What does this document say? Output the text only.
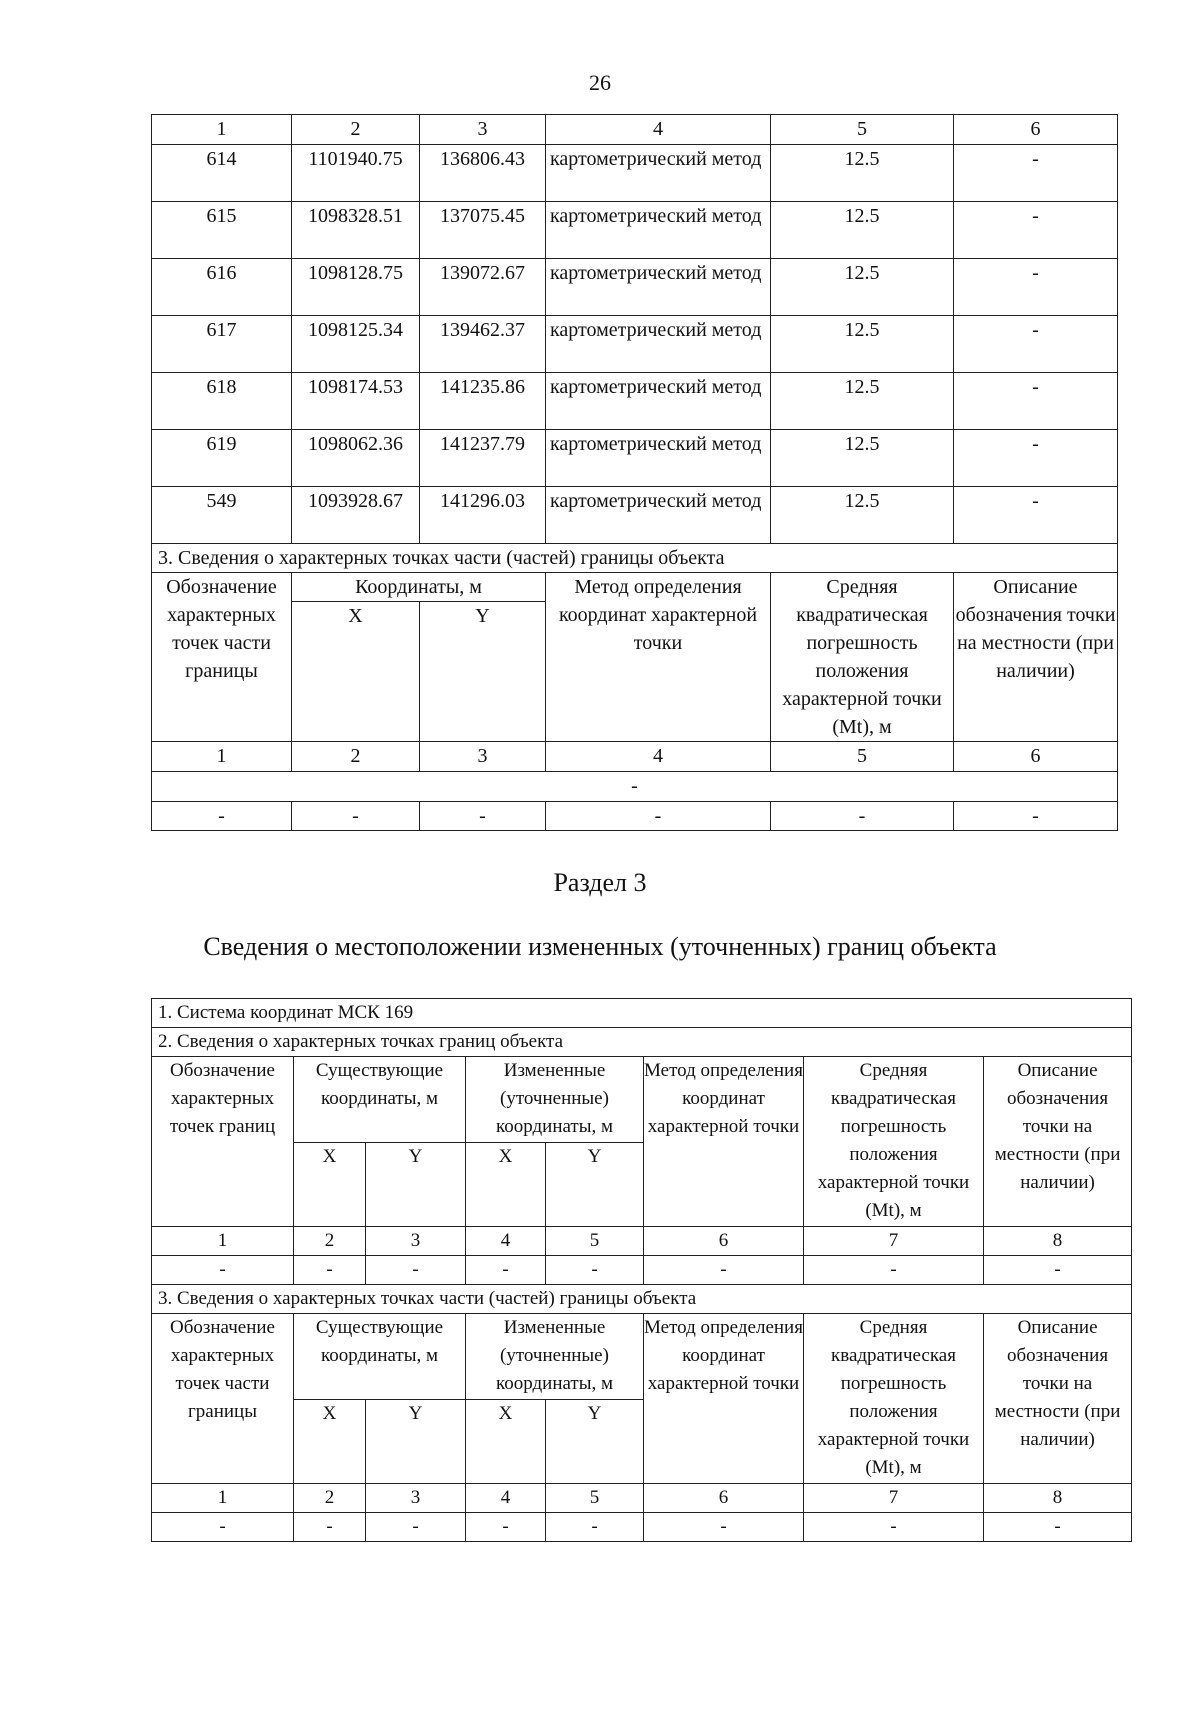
26
1	2	3	4	5	6
614	1101940.75	136806.43	картометрический метод	12.5	-
615	1098328.51	137075.45	картометрический метод	12.5	-
616	1098128.75	139072.67	картометрический метод	12.5	-
617	1098125.34	139462.37	картометрический метод	12.5	-
618	1098174.53	141235.86	картометрический метод	12.5	-
619	1098062.36	141237.79	картометрический метод	12.5	-
549	1093928.67	141296.03	картометрический метод	12.5	-
3. Сведения о характерных точках части (частей) границы объекта					
Обозначение характерных точек части границы	Координаты, м		Метод определения координат характерной точки	Средняя квадратическая погрешность положения характерной точки (Mt), м	Описание обозначения точки на местности (при наличии)
	X	Y			
1	2	3	4	5	6
-					
-	-	-	-	-	-
Раздел 3
Сведения о местоположении измененных (уточненных) границ объекта
1. Система координат МСК 169							
2. Сведения о характерных точках границ объекта							
Обозначение характерных точек границ	Существующие координаты, м		Измененные (уточненные) координаты, м		Метод определения координат характерной точки	Средняя квадратическая погрешность положения характерной точки (Mt), м	Описание обозначения точки на местности (при наличии)
	X	Y	X	Y			
1	2	3	4	5	6	7	8
-	-	-	-	-	-	-	-
3. Сведения о характерных точках части (частей) границы объекта							
Обозначение характерных точек части границы	Существующие координаты, м		Измененные (уточненные) координаты, м		Метод определения координат характерной точки	Средняя квадратическая погрешность положения характерной точки (Mt), м	Описание обозначения точки на местности (при наличии)
	X	Y	X	Y			
1	2	3	4	5	6	7	8
-	-	-	-	-	-	-	-
